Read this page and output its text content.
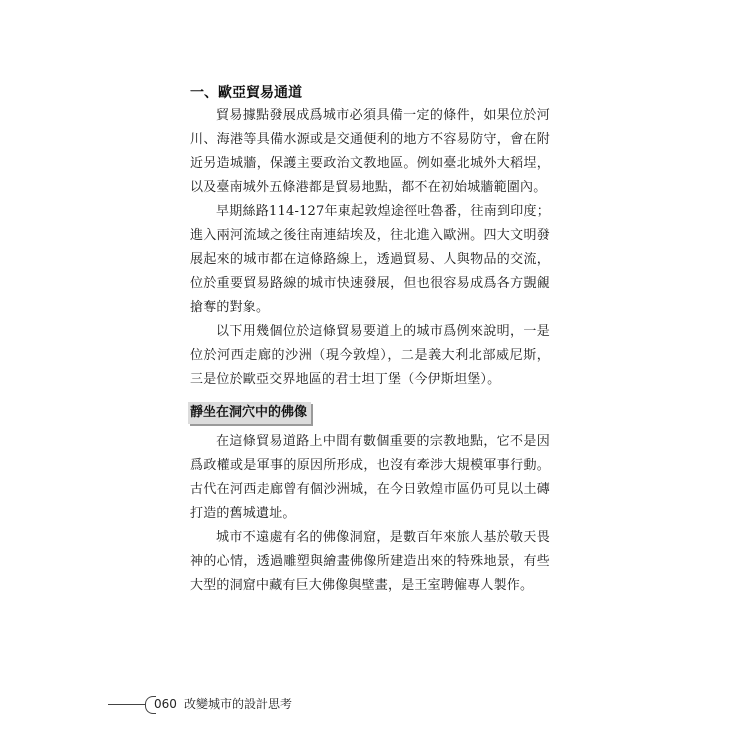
一、歐亞貿易通道

貿易據點發展成爲城市必須具備一定的條件，如果位於河川、海港等具備水源或是交通便利的地方不容易防守，會在附近另造城牆，保護主要政治文教地區。例如臺北城外大稻埕，以及臺南城外五條港都是貿易地點，都不在初始城牆範圍內。

早期絲路114-127年東起敦煌途徑吐魯番，往南到印度；進入兩河流域之後往南連結埃及，往北進入歐洲。四大文明發展起來的城市都在這條路線上，透過貿易、人與物品的交流，位於重要貿易路線的城市快速發展，但也很容易成爲各方覬覦搶奪的對象。

以下用幾個位於這條貿易要道上的城市爲例來說明，一是位於河西走廊的沙洲（現今敦煌），二是義大利北部威尼斯，三是位於歐亞交界地區的君士坦丁堡（今伊斯坦堡）。

靜坐在洞穴中的佛像

在這條貿易道路上中間有數個重要的宗教地點，它不是因爲政權或是軍事的原因所形成，也沒有牽涉大規模軍事行動。古代在河西走廊曾有個沙洲城，在今日敦煌市區仍可見以土磚打造的舊城遺址。

城市不遠處有名的佛像洞窟，是數百年來旅人基於敬天畏神的心情，透過雕塑與繪畫佛像所建造出來的特殊地景，有些大型的洞窟中藏有巨大佛像與壁畫，是王室聘僱專人製作。

060 改變城市的設計思考
